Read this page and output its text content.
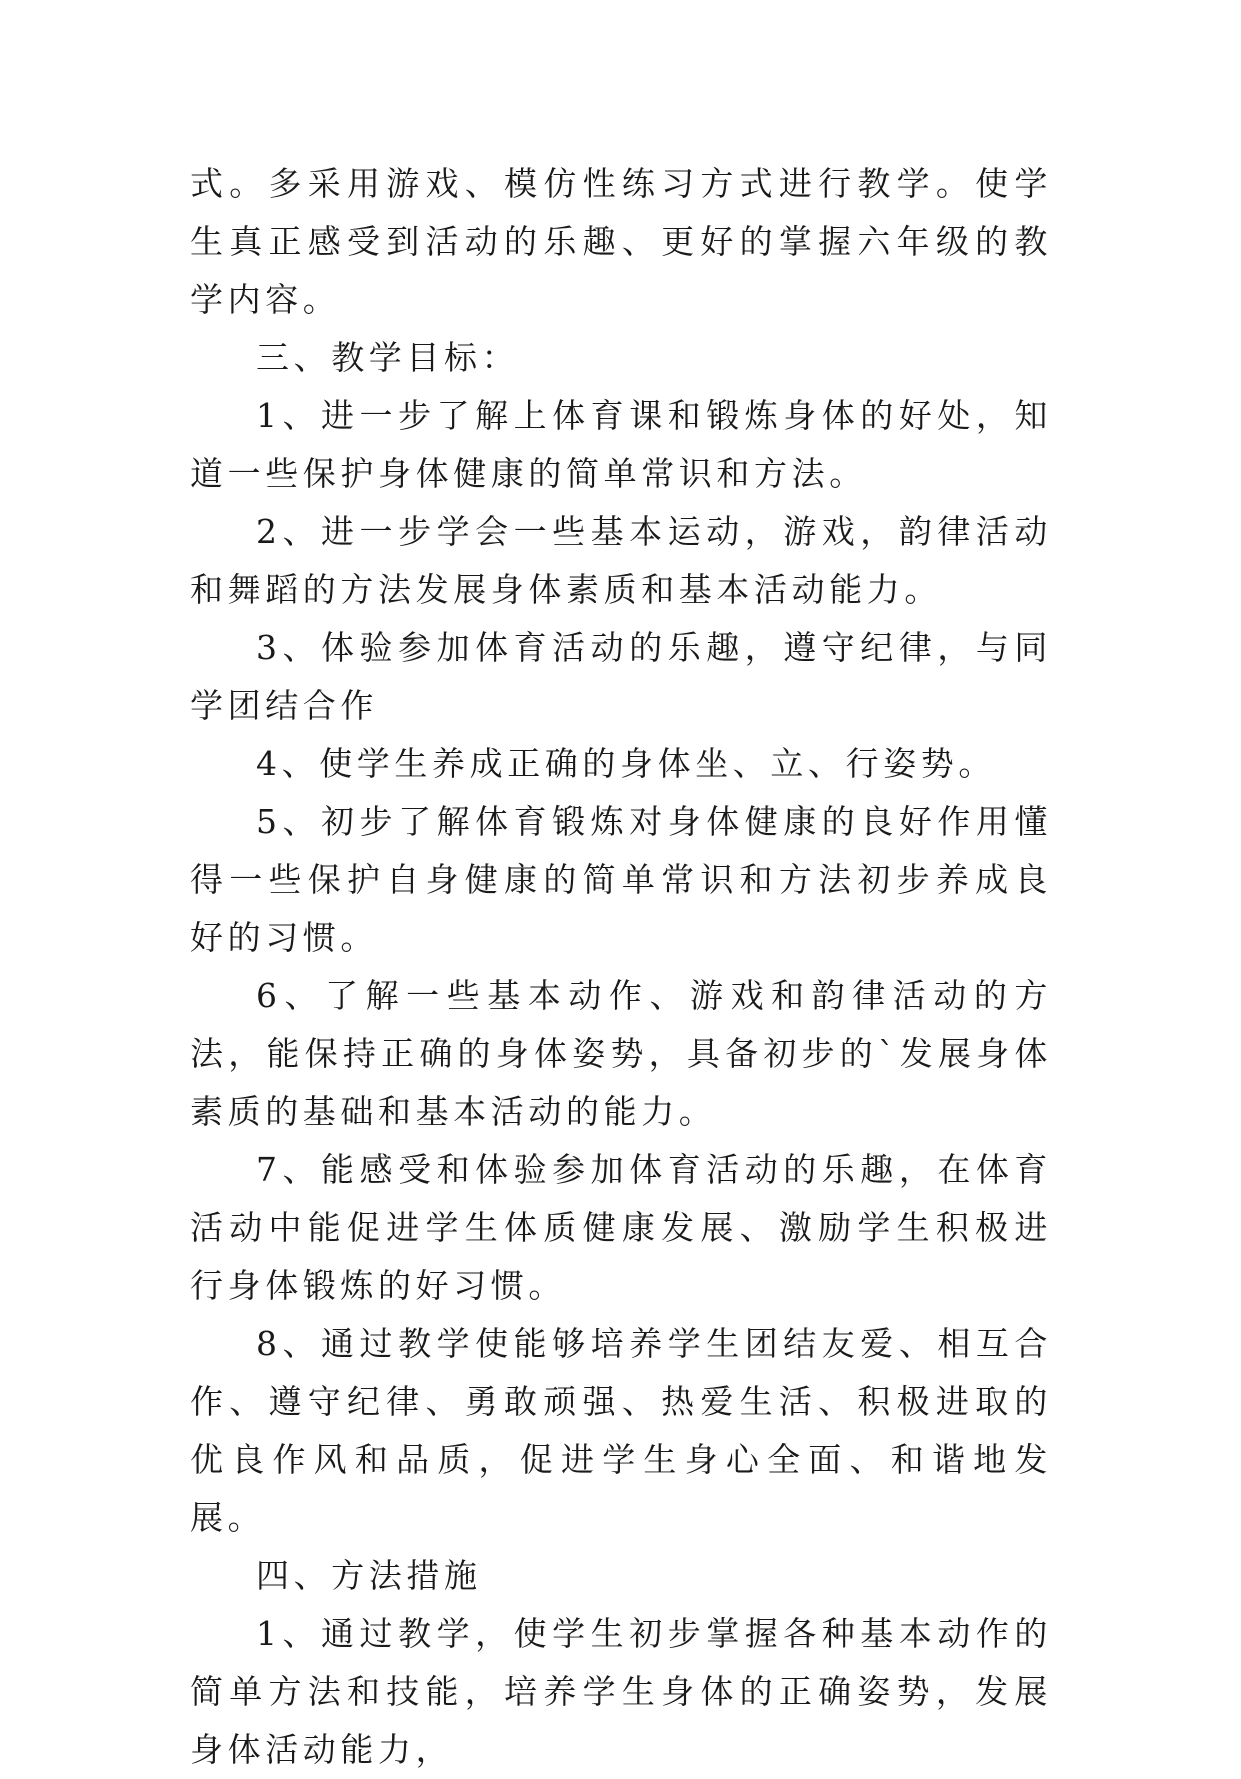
式。多采用游戏、模仿性练习方式进行教学。使学生真正感受到活动的乐趣、更好的掌握六年级的教学内容。

三、教学目标：

1、进一步了解上体育课和锻炼身体的好处，知道一些保护身体健康的简单常识和方法。

2、进一步学会一些基本运动，游戏，韵律活动和舞蹈的方法发展身体素质和基本活动能力。

3、体验参加体育活动的乐趣，遵守纪律，与同学团结合作

4、使学生养成正确的身体坐、立、行姿势。

5、初步了解体育锻炼对身体健康的良好作用懂得一些保护自身健康的简单常识和方法初步养成良好的习惯。

6、了解一些基本动作、游戏和韵律活动的方法，能保持正确的身体姿势，具备初步的`发展身体素质的基础和基本活动的能力。

7、能感受和体验参加体育活动的乐趣，在体育活动中能促进学生体质健康发展、激励学生积极进行身体锻炼的好习惯。

8、通过教学使能够培养学生团结友爱、相互合作、遵守纪律、勇敢顽强、热爱生活、积极进取的优良作风和品质，促进学生身心全面、和谐地发展。

四、方法措施

1、通过教学，使学生初步掌握各种基本动作的简单方法和技能，培养学生身体的正确姿势，发展身体活动能力，
